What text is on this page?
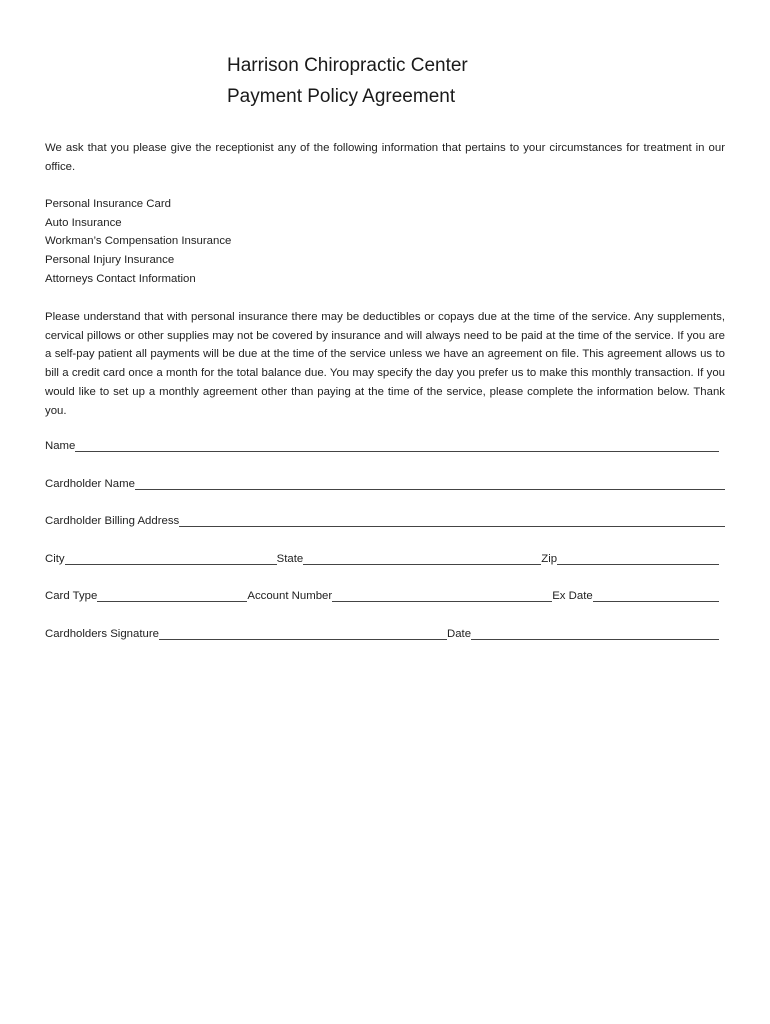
Harrison Chiropractic Center
Payment Policy Agreement
We ask that you please give the receptionist any of the following information that pertains to your circumstances for treatment in our office.
Personal Insurance Card
Auto Insurance
Workman’s Compensation Insurance
Personal Injury Insurance
Attorneys Contact Information
Please understand that with personal insurance there may be deductibles or copays due at the time of the service. Any supplements, cervical pillows or other supplies may not be covered by insurance and will always need to be paid at the time of the service. If you are a self-pay patient all payments will be due at the time of the service unless we have an agreement on file. This agreement allows us to bill a credit card once a month for the total balance due. You may specify the day you prefer us to make this monthly transaction. If you would like to set up a monthly agreement other than paying at the time of the service, please complete the information below. Thank you.
Name
Cardholder Name
Cardholder Billing Address
City	State	Zip
Card Type	Account Number	Ex Date
Cardholders Signature	Date
